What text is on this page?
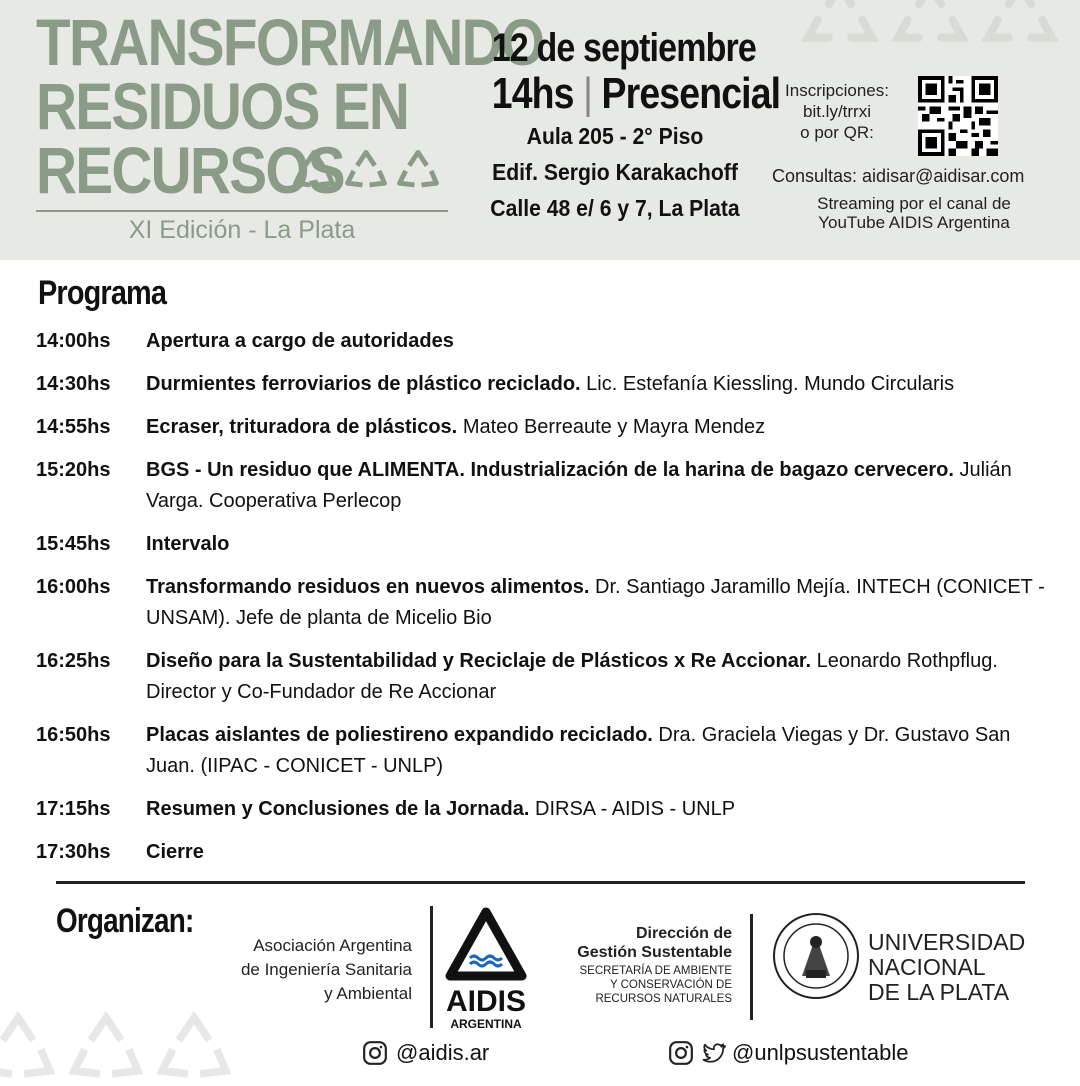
TRANSFORMANDO
RESIDUOS EN
RECURSOS
XI Edición - La Plata
12 de septiembre
14hs | Presencial
Aula 205 - 2° Piso
Edif. Sergio Karakachoff
Calle 48 e/ 6 y 7, La Plata
Inscripciones:
bit.ly/trrxi
o por QR:
Consultas: aidisar@aidisar.com
Streaming por el canal de
YouTube AIDIS Argentina
Programa
14:00hs	Apertura a cargo de autoridades
14:30hs	Durmientes ferroviarios de plástico reciclado. Lic. Estefanía Kiessling. Mundo Circularis
14:55hs	Ecraser, trituradora de plásticos. Mateo Berreaute y Mayra Mendez
15:20hs	BGS - Un residuo que ALIMENTA. Industrialización de la harina de bagazo cervecero. Julián Varga. Cooperativa Perlecop
15:45hs	Intervalo
16:00hs	Transformando residuos en nuevos alimentos. Dr. Santiago Jaramillo Mejía. INTECH (CONICET - UNSAM). Jefe de planta de Micelio Bio
16:25hs	Diseño para la Sustentabilidad y Reciclaje de Plásticos x Re Accionar. Leonardo Rothpflug. Director y Co-Fundador de Re Accionar
16:50hs	Placas aislantes de poliestireno expandido reciclado. Dra. Graciela Viegas y Dr. Gustavo San Juan. (IIPAC - CONICET - UNLP)
17:15hs	Resumen y Conclusiones de la Jornada. DIRSA - AIDIS - UNLP
17:30hs	Cierre
Organizan:
Asociación Argentina
de Ingeniería Sanitaria
y Ambiental AIDIS
ARGENTINA
Dirección de
Gestión Sustentable
SECRETARÍA DE AMBIENTE
Y CONSERVACIÓN DE
RECURSOS NATURALES
UNIVERSIDAD
NACIONAL
DE LA PLATA
@aidis.ar	@unlpsustentable
